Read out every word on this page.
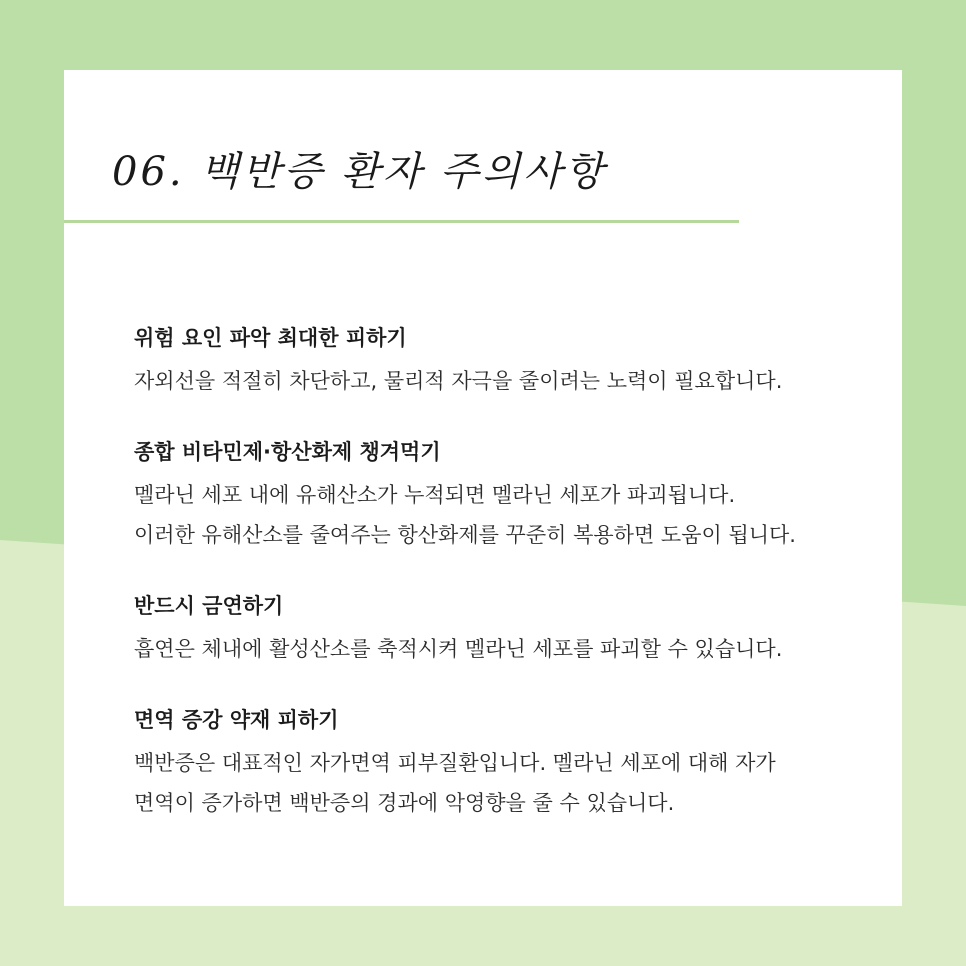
06. 백반증 환자 주의사항
위험 요인 파악 최대한 피하기

자외선을 적절히 차단하고, 물리적 자극을 줄이려는 노력이 필요합니다.

종합 비타민제·항산화제 챙겨먹기

멜라닌 세포 내에 유해산소가 누적되면 멜라닌 세포가 파괴됩니다.

이러한 유해산소를 줄여주는 항산화제를 꾸준히 복용하면 도움이 됩니다.

반드시 금연하기

흡연은 체내에 활성산소를 축적시켜 멜라닌 세포를 파괴할 수 있습니다.

면역 증강 약재 피하기

백반증은 대표적인 자가면역 피부질환입니다. 멜라닌 세포에 대해 자가

면역이 증가하면 백반증의 경과에 악영향을 줄 수 있습니다.
